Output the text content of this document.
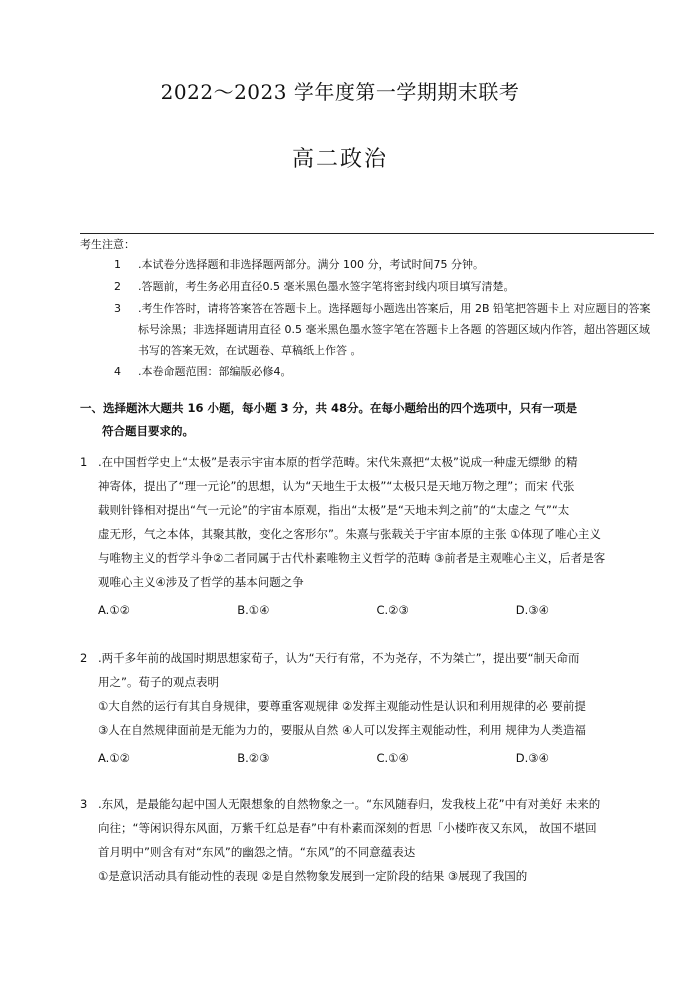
2022～2023 学年度第一学期期末联考
高二政治
考生注意：
1 .本试卷分选择题和非选择题两部分。满分 100 分，考试时间75 分钟。
2 .答题前，考生务必用直径0.5 毫米黑色墨水签字笔将密封线内项目填写清楚。
3 .考生作答时，请将答案答在答题卡上。选择题每小题选出答案后，用 2B 铅笔把答题卡上 对应题目的答案标号涂黑；非选择题请用直径 0.5 毫米黑色墨水签字笔在答题卡上各题 的答题区域内作答，超出答题区域书写的答案无效，在试题卷、草稿纸上作答 。
4 .本卷命题范围：部编版必修4。
一、选择题沐大题共 16 小题，每小题 3 分，共 48分。在每小题给出的四个选项中，只有一项是
符合题目要求的。
1 .在中国哲学史上“太极”是表示宇宙本原的哲学范畴。宋代朱熹把“太极”说成一种虚无缥缈 的精
神寄体，提出了“理一元论”的思想，认为“天地生于太极”“太极只是天地万物之理”；而宋 代张
载则针锋相对提出“气一元论”的宇宙本原观，指出“太极”是“天地未判之前”的“太虚之 气”“太
虚无形，气之本体，其聚其散，变化之客形尔”。朱熹与张载关于宇宙本原的主张 ①体现了唯心主义
与唯物主义的哲学斗争②二者同属于古代朴素唯物主义哲学的范畴 ③前者是主观唯心主义，后者是客
观唯心主义④涉及了哲学的基本问题之争
A.①②	B.①④	C.②③	D.③④
2 .两千多年前的战国时期思想家荀子，认为“天行有常，不为尧存，不为桀亡”，提出要“制天命而
用之”。荀子的观点表明
①大自然的运行有其自身规律，要尊重客观规律 ②发挥主观能动性是认识和利用规律的必 要前提
③人在自然规律面前是无能为力的，要服从自然 ④人可以发挥主观能动性，利用 规律为人类造福
A.①②	B.②③	C.①④	D.③④
3 .东风，是最能勾起中国人无限想象的自然物象之一。“东风随春归，发我枝上花”中有对美好 未来的
向往；“等闲识得东风面，万紫千红总是春”中有朴素而深刻的哲思「小楼昨夜又东风， 故国不堪回
首月明中”则含有对“东风”的幽怨之情。“东风”的不同意蕴表达
①是意识活动具有能动性的表现 ②是自然物象发展到一定阶段的结果 ③展现了我国的
